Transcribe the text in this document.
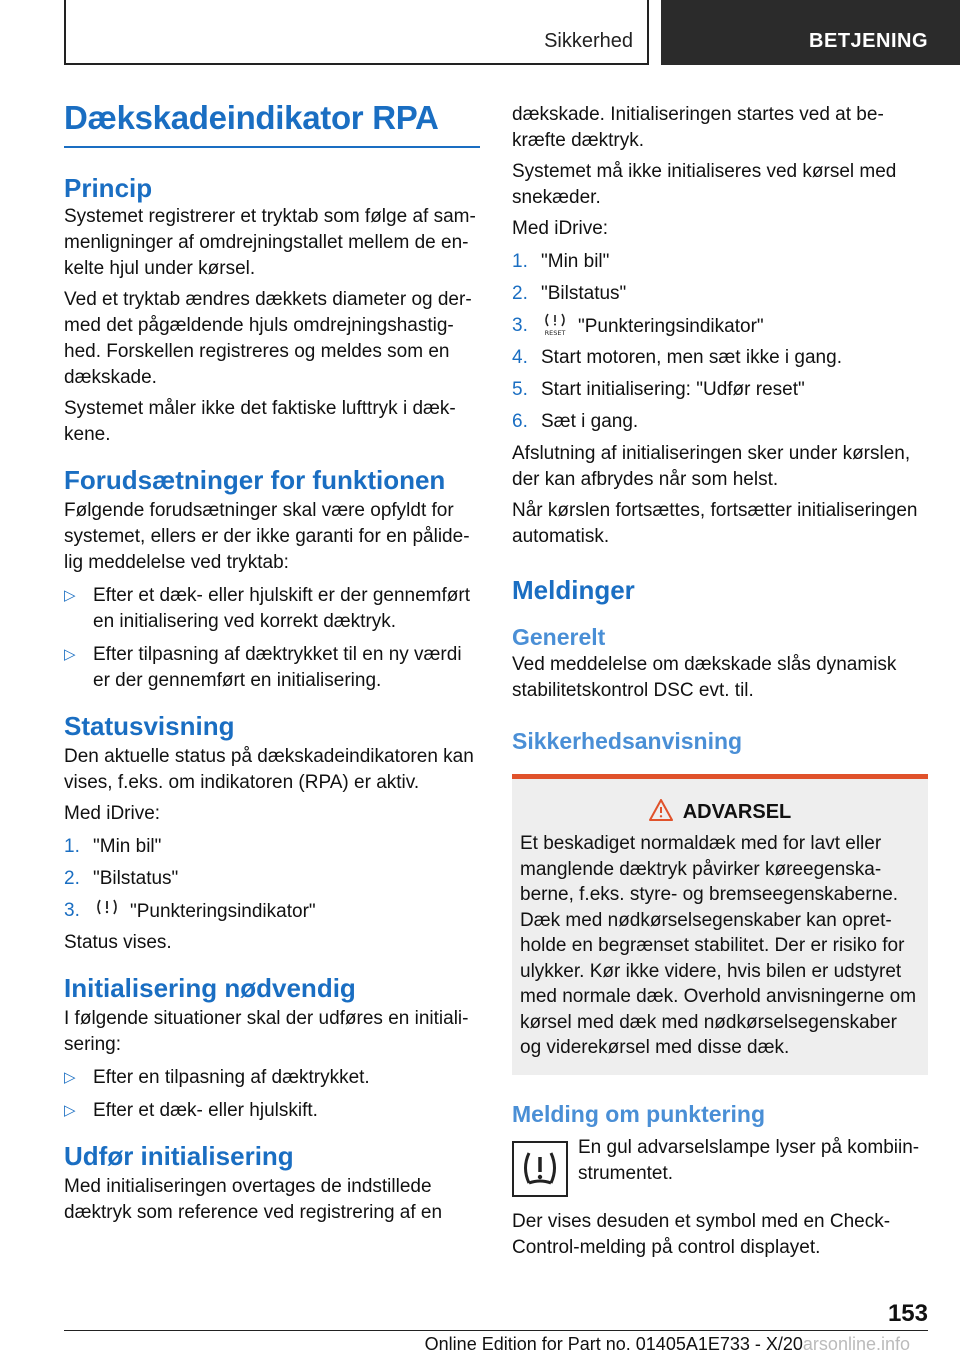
Sikkerhed	BETJENING
Dækskadeindikator RPA
Princip

Systemet registrerer et tryktab som følge af sammenligninger af omdrejningstallet mellem de enkelte hjul under kørsel.

Ved et tryktab ændres dækkets diameter og dermed det pågældende hjuls omdrejningshastighed. Forskellen registreres og meldes som en dækskade.

Systemet måler ikke det faktiske lufttryk i dækkene.

Forudsætninger for funktionen

Følgende forudsætninger skal være opfyldt for systemet, ellers er der ikke garanti for en pålidelig meddelelse ved tryktab:

▷ Efter et dæk- eller hjulskift er der gennemført en initialisering ved korrekt dæktryk.
▷ Efter tilpasning af dæktrykket til en ny værdi er der gennemført en initialisering.
Statusvisning

Den aktuelle status på dækskadeindikatoren kan vises, f.eks. om indikatoren (RPA) er aktiv.

Med iDrive:

1. "Min bil"
2. "Bilstatus"
3.	"Punkteringsindikator"

Status vises.

Initialisering nødvendig

I følgende situationer skal der udføres en initialisering:

▷ Efter en tilpasning af dæktrykket.
▷ Efter et dæk- eller hjulskift.
Udfør initialisering

Med initialiseringen overtages de indstillede dæktryk som reference ved registrering af en

dækskade. Initialiseringen startes ved at bekræfte dæktryk.

Systemet må ikke initialiseres ved kørsel med snekæder.

Med iDrive:

1. "Min bil"
2. "Bilstatus"
3.	RESET "Punkteringsindikator"
4. Start motoren, men sæt ikke i gang.
5. Start initialisering: "Udfør reset"
6. Sæt i gang.

Afslutning af initialiseringen sker under kørslen, der kan afbrydes når som helst.

Når kørslen fortsættes, fortsætter initialiseringen automatisk.

Meldinger
Generelt

Ved meddelelse om dækskade slås dynamisk stabilitetskontrol DSC evt. til.

Sikkerhedsanvisning
ADVARSEL

Et beskadiget normaldæk med for lavt eller manglende dæktryk påvirker køreegenskaberne, f.eks. styre- og bremseegenskaberne. Dæk med nødkørselsegenskaber kan opretholde en begrænset stabilitet. Der er risiko for ulykker. Kør ikke videre, hvis bilen er udstyret med normale dæk. Overhold anvisningerne om kørsel med dæk med nødkørselsegenskaber og viderekørsel med disse dæk.

Melding om punktering

En gul advarselslampe lyser på kombiinstrumentet.

Der vises desuden et symbol med en Check-Control-melding på control displayet.

153
Online Edition for Part no. 01405A1E733 - X/20arsonline.info
